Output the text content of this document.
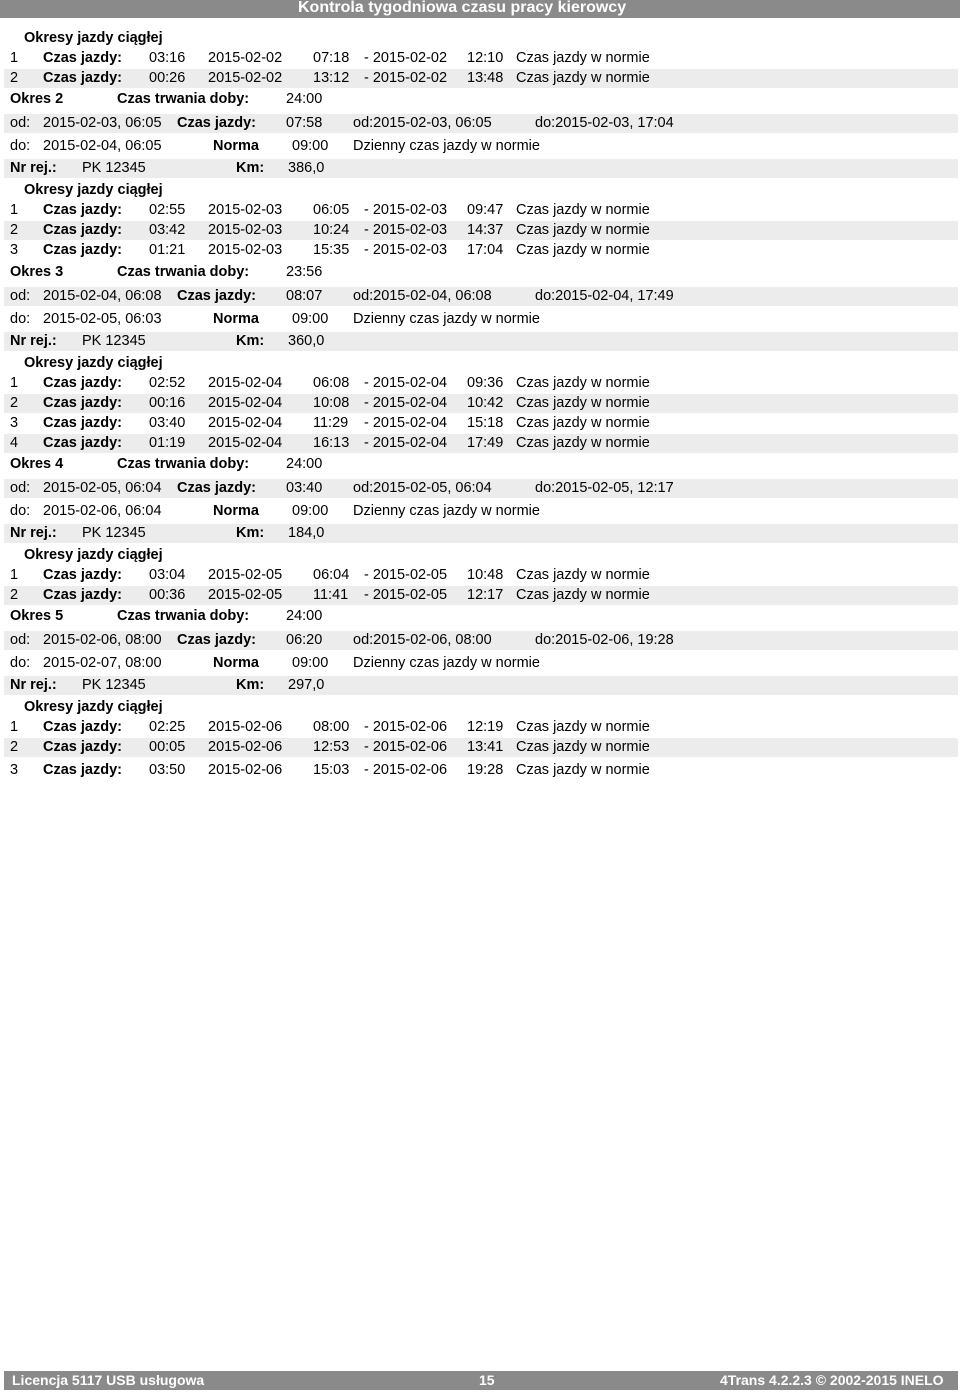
Kontrola tygodniowa czasu pracy kierowcy
Okresy jazdy ciągłej
1 Czas jazdy: 03:16 2015-02-02 07:18 - 2015-02-02 12:10 Czas jazdy w normie
2 Czas jazdy: 00:26 2015-02-02 13:12 - 2015-02-02 13:48 Czas jazdy w normie
Okres 2	Czas trwania doby:	24:00
od: 2015-02-03, 06:05 Czas jazdy: 07:58 od:2015-02-03, 06:05	do:2015-02-03, 17:04
do: 2015-02-04, 06:05	Norma 09:00 Dzienny czas jazdy w normie
Nr rej.: PK 12345	Km: 386,0
Okresy jazdy ciągłej
1 Czas jazdy: 02:55 2015-02-03 06:05 - 2015-02-03 09:47 Czas jazdy w normie
2 Czas jazdy: 03:42 2015-02-03 10:24 - 2015-02-03 14:37 Czas jazdy w normie
3 Czas jazdy: 01:21 2015-02-03 15:35 - 2015-02-03 17:04 Czas jazdy w normie
Okres 3	Czas trwania doby:	23:56
od: 2015-02-04, 06:08 Czas jazdy: 08:07 od:2015-02-04, 06:08	do:2015-02-04, 17:49
do: 2015-02-05, 06:03	Norma 09:00 Dzienny czas jazdy w normie
Nr rej.: PK 12345	Km: 360,0
Okresy jazdy ciągłej
1 Czas jazdy: 02:52 2015-02-04 06:08 - 2015-02-04 09:36 Czas jazdy w normie
2 Czas jazdy: 00:16 2015-02-04 10:08 - 2015-02-04 10:42 Czas jazdy w normie
3 Czas jazdy: 03:40 2015-02-04 11:29 - 2015-02-04 15:18 Czas jazdy w normie
4 Czas jazdy: 01:19 2015-02-04 16:13 - 2015-02-04 17:49 Czas jazdy w normie
Okres 4	Czas trwania doby:	24:00
od: 2015-02-05, 06:04 Czas jazdy: 03:40 od:2015-02-05, 06:04	do:2015-02-05, 12:17
do: 2015-02-06, 06:04	Norma 09:00 Dzienny czas jazdy w normie
Nr rej.: PK 12345	Km: 184,0
Okresy jazdy ciągłej
1 Czas jazdy: 03:04 2015-02-05 06:04 - 2015-02-05 10:48 Czas jazdy w normie
2 Czas jazdy: 00:36 2015-02-05 11:41 - 2015-02-05 12:17 Czas jazdy w normie
Okres 5	Czas trwania doby:	24:00
od: 2015-02-06, 08:00 Czas jazdy: 06:20 od:2015-02-06, 08:00	do:2015-02-06, 19:28
do: 2015-02-07, 08:00	Norma 09:00 Dzienny czas jazdy w normie
Nr rej.: PK 12345	Km: 297,0
Okresy jazdy ciągłej
1 Czas jazdy: 02:25 2015-02-06 08:00 - 2015-02-06 12:19 Czas jazdy w normie
2 Czas jazdy: 00:05 2015-02-06 12:53 - 2015-02-06 13:41 Czas jazdy w normie
3 Czas jazdy: 03:50 2015-02-06 15:03 - 2015-02-06 19:28 Czas jazdy w normie
Licencja 5117 USB usługowa	15	4Trans 4.2.2.3 © 2002-2015 INELO
